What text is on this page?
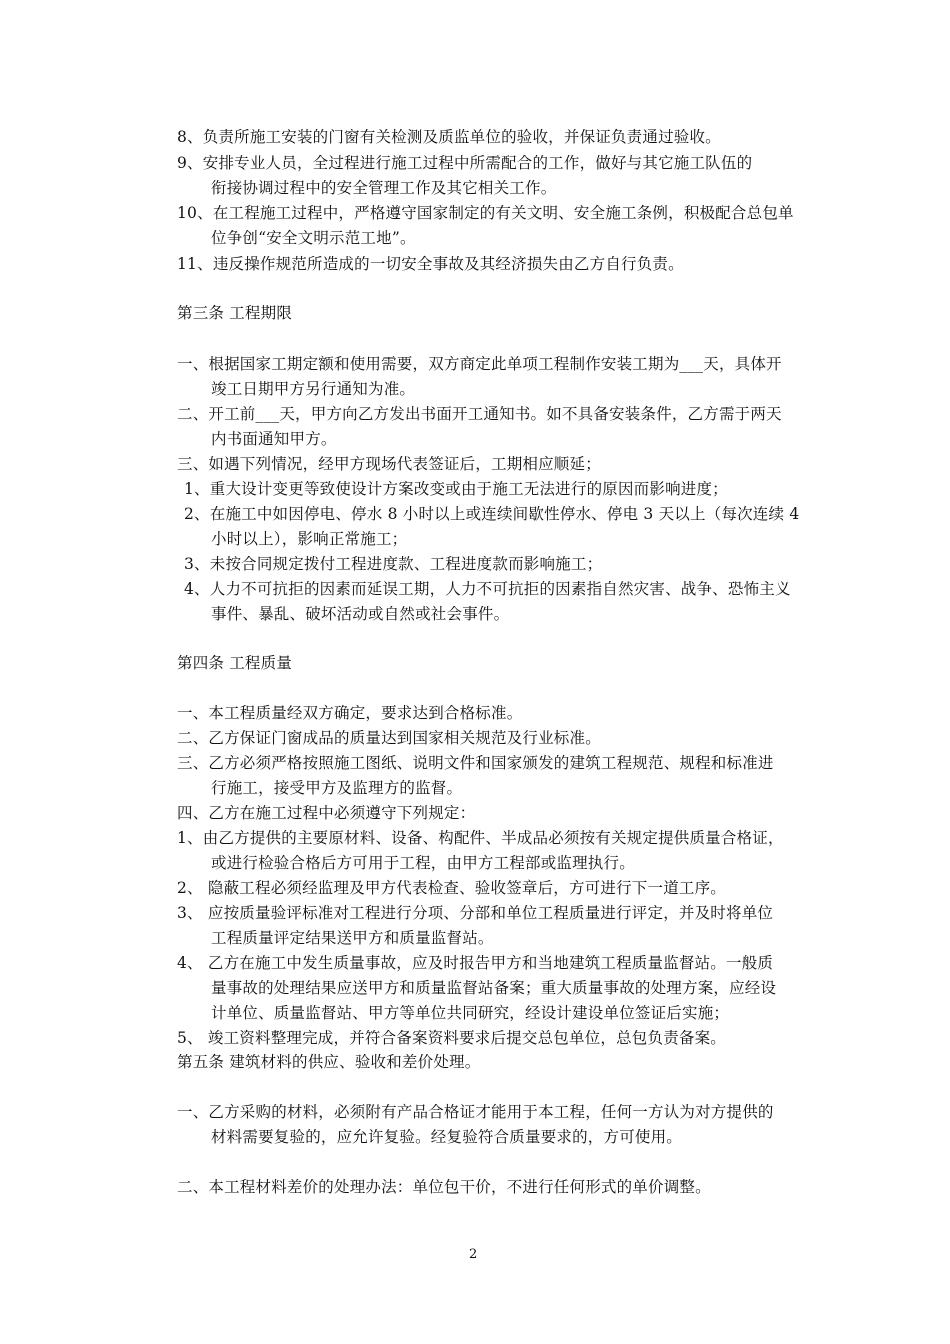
8、负责所施工安装的门窗有关检测及质监单位的验收，并保证负责通过验收。
9、安排专业人员，全过程进行施工过程中所需配合的工作，做好与其它施工队伍的
衔接协调过程中的安全管理工作及其它相关工作。
10、在工程施工过程中，严格遵守国家制定的有关文明、安全施工条例，积极配合总包单
位争创“安全文明示范工地”。
11、违反操作规范所造成的一切安全事故及其经济损失由乙方自行负责。
第三条 工程期限
一、根据国家工期定额和使用需要，双方商定此单项工程制作安装工期为___天，具体开
竣工日期甲方另行通知为准。
二、开工前___天，甲方向乙方发出书面开工通知书。如不具备安装条件，乙方需于两天
内书面通知甲方。
三、如遇下列情况，经甲方现场代表签证后，工期相应顺延；
1、重大设计变更等致使设计方案改变或由于施工无法进行的原因而影响进度；
2、在施工中如因停电、停水 8 小时以上或连续间歇性停水、停电 3 天以上（每次连续 4
小时以上），影响正常施工；
3、未按合同规定拨付工程进度款、工程进度款而影响施工；
4、人力不可抗拒的因素而延误工期，人力不可抗拒的因素指自然灾害、战争、恐怖主义
事件、暴乱、破坏活动或自然或社会事件。
第四条 工程质量
一、本工程质量经双方确定，要求达到合格标准。
二、乙方保证门窗成品的质量达到国家相关规范及行业标准。
三、乙方必须严格按照施工图纸、说明文件和国家颁发的建筑工程规范、规程和标准进
行施工，接受甲方及监理方的监督。
四、乙方在施工过程中必须遵守下列规定：
1、由乙方提供的主要原材料、设备、构配件、半成品必须按有关规定提供质量合格证，
或进行检验合格后方可用于工程，由甲方工程部或监理执行。
2、 隐蔽工程必须经监理及甲方代表检查、验收签章后，方可进行下一道工序。
3、 应按质量验评标准对工程进行分项、分部和单位工程质量进行评定，并及时将单位
工程质量评定结果送甲方和质量监督站。
4、 乙方在施工中发生质量事故，应及时报告甲方和当地建筑工程质量监督站。一般质
量事故的处理结果应送甲方和质量监督站备案；重大质量事故的处理方案，应经设
计单位、质量监督站、甲方等单位共同研究，经设计建设单位签证后实施；
5、 竣工资料整理完成，并符合备案资料要求后提交总包单位，总包负责备案。
第五条 建筑材料的供应、验收和差价处理。
一、乙方采购的材料，必须附有产品合格证才能用于本工程，任何一方认为对方提供的
材料需要复验的，应允许复验。经复验符合质量要求的，方可使用。
二、本工程材料差价的处理办法：单位包干价，不进行任何形式的单价调整。
2
